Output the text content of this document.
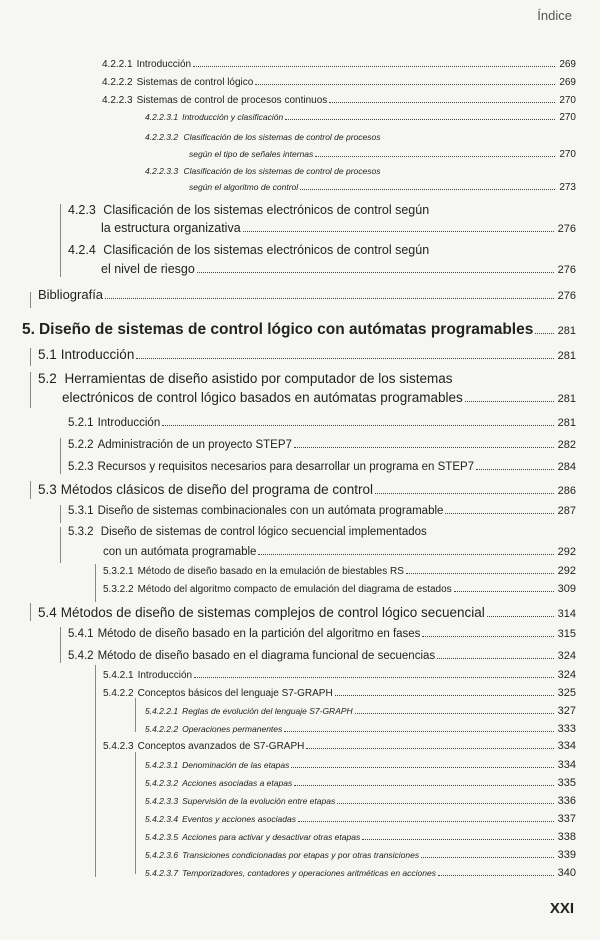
Índice
4.2.2.1 Introducción	269
4.2.2.2 Sistemas de control lógico	269
4.2.2.3 Sistemas de control de procesos continuos	270
4.2.2.3.1 Introducción y clasificación	270
4.2.2.3.2 Clasificación de los sistemas de control de procesos
según el tipo de señales internas	270
4.2.2.3.3 Clasificación de los sistemas de control de procesos
según el algoritmo de control	273
4.2.3 Clasificación de los sistemas electrónicos de control según
la estructura organizativa	276
4.2.4 Clasificación de los sistemas electrónicos de control según
el nivel de riesgo	276
Bibliografía	276
5. Diseño de sistemas de control lógico con autómatas programables 281
5.1 Introducción	281
5.2 Herramientas de diseño asistido por computador de los sistemas
electrónicos de control lógico basados en autómatas programables	281
5.2.1 Introducción	281
5.2.2 Administración de un proyecto STEP7	282
5.2.3 Recursos y requisitos necesarios para desarrollar un programa en STEP7	284
5.3 Métodos clásicos de diseño del programa de control	286
5.3.1 Diseño de sistemas combinacionales con un autómata programable	287
5.3.2 Diseño de sistemas de control lógico secuencial implementados
con un autómata programable	292
5.3.2.1 Método de diseño basado en la emulación de biestables RS	292
5.3.2.2 Método del algoritmo compacto de emulación del diagrama de estados	309
5.4 Métodos de diseño de sistemas complejos de control lógico secuencial	314
5.4.1 Método de diseño basado en la partición del algoritmo en fases	315
5.4.2 Método de diseño basado en el diagrama funcional de secuencias	324
5.4.2.1 Introducción	324
5.4.2.2 Conceptos básicos del lenguaje S7-GRAPH	325
5.4.2.2.1 Reglas de evolución del lenguaje S7-GRAPH	327
5.4.2.2.2 Operaciones permanentes	333
5.4.2.3 Conceptos avanzados de S7-GRAPH	334
5.4.2.3.1 Denominación de las etapas	334
5.4.2.3.2 Acciones asociadas a etapas	335
5.4.2.3.3 Supervisión de la evolución entre etapas	336
5.4.2.3.4 Eventos y acciones asociadas	337
5.4.2.3.5 Acciones para activar y desactivar otras etapas	338
5.4.2.3.6 Transiciones condicionadas por etapas y por otras transiciones	339
5.4.2.3.7 Temporizadores, contadores y operaciones aritméticas en acciones	340
XXI
